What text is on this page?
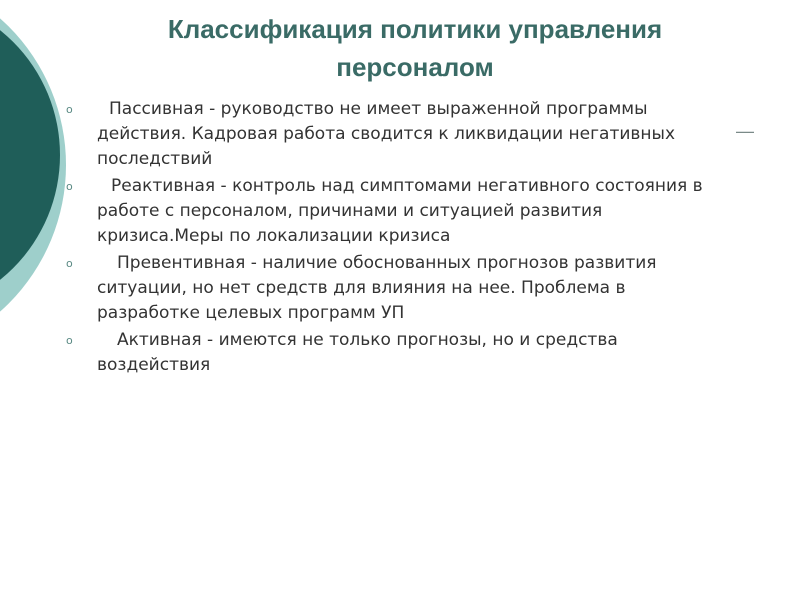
Классификация политики управления
персоналом
—
o	Пассивная - руководство не имеет выраженной программы действия. Кадровая работа сводится к ликвидации негативных последствий
o	Реактивная - контроль над симптомами негативного состояния в работе с персоналом, причинами и ситуацией развития кризиса.Меры по локализации кризиса
o	Превентивная - наличие обоснованных прогнозов развития ситуации, но нет средств для влияния на нее. Проблема в разработке целевых программ УП
o	Активная - имеются не только прогнозы, но и средства воздействия
